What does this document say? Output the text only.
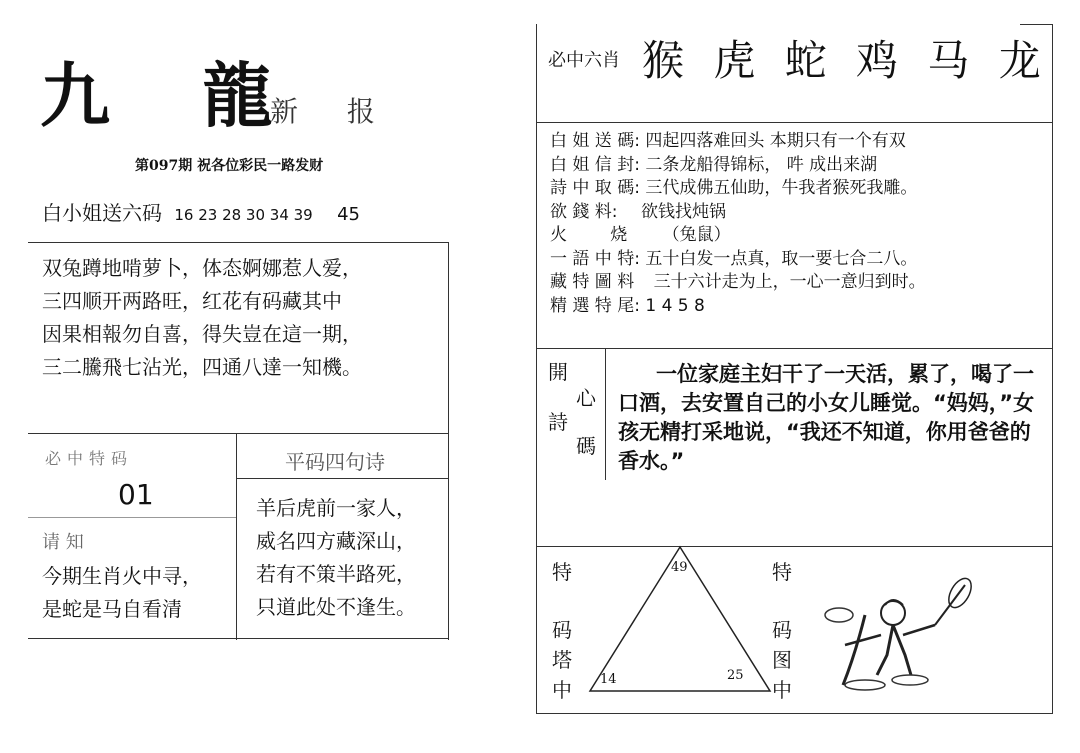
九 龍
新 报
第097期 祝各位彩民一路发财
白小姐送六码 16 23 28 30 34 39 45

双兔蹲地啃萝卜，体态婀娜惹人爱，

三四顺开两路旺，红花有码藏其中

因果相報勿自喜，得失豈在這一期，

三二騰飛七沾光，四通八達一知機。

必中特码	平码四句诗
01
请 知

今期生肖火中寻，

是蛇是马自看清

羊后虎前一家人，

威名四方藏深山，

若有不策半路死，

只道此处不逢生。

必中六肖 猴 虎 蛇 鸡 马 龙
白 姐 送 碼: 四起四落难回头 本期只有一个有双
白 姐 信 封: 二条龙船得锦标， 吽 成出来湖
詩 中 取 碼: 三代成佛五仙助，牛我者猴死我雕。
欲 錢 料: 欲钱找炖锅
火        烧 （兔鼠）
一 語 中 特: 五十白发一点真，取一要七合二八。
藏 特 圖 料 三十六计走为上，一心一意归到时。
精 選 特 尾: 1 4 5 8
開
心
詩
碼
一位家庭主妇干了一天活，累了，喝了一口酒，去安置自己的小女儿睡觉。“妈妈，”女孩无精打采地说，“我还不知道，你用爸爸的香水。”
特
码
塔
中
49
14	25
特
码
图
中
